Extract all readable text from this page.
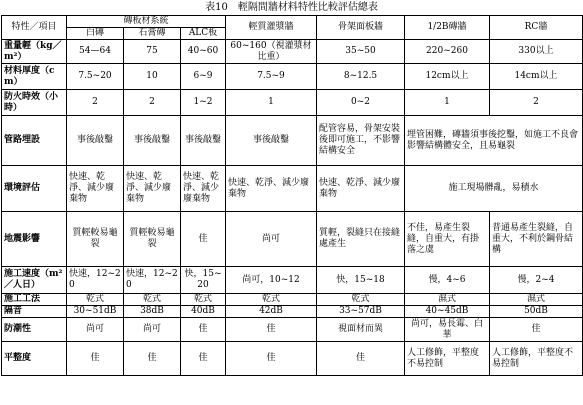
表10　輕隔間牆材料特性比較評估總表
特性／項目	磚板材系統			輕質灌漿牆	骨架面板牆	1/2B磚牆	RC牆
	白磚	石膏磚	ALC板				
重量輕（kg／m²）	54—64	75	40~60	60~160（視灌漿材比重）	35~50	220~260	330以上
材料厚度（cm）	7.5~20	10	6~9	7.5~9	8~12.5	12cm以上	14cm以上
防火時效（小時）	2	2	1~2	1	0~2	1	2
管路埋設	事後敲鑿	事後敲鑿	事後敲鑿	事後敲鑿	配管容易，骨架安裝後即可施工，不影響結構安全	埋管困難，磚牆須事後挖鑿，如施工不良會影響結構體安全，且易龜裂	
環境評估	快速、乾淨、減少廢棄物	快速、乾淨、減少廢棄物	快速、乾淨、減少廢棄物	快速、乾淨、減少廢棄物	快速、乾淨、減少廢棄物	施工現場髒亂，易積水	
地震影響	質輕較易龜裂	質輕較易龜裂	佳	尚可	質輕，裂縫只在接縫處產生	不佳，易產生裂縫，自重大，有掛落之虞	普通易產生裂縫，自重大，不利於鋼骨結構
施工速度（m²／人日）	快速，12~20	快速，12~20	快，15~20	尚可，10~12	快，15~18	慢，4~6	慢，2~4
施工工法	乾式	乾式	乾式	乾式	乾式	濕式	濕式
隔音	30~51dB	38dB	40dB	42dB	33~57dB	40~45dB	50dB
防潮性	尚可	尚可	佳	佳	視面材而異	尚可，易長霉、白華	佳
平整度	佳	佳	佳	佳	佳	人工修飾，平整度不易控制	人工修飾，平整度不易控制
